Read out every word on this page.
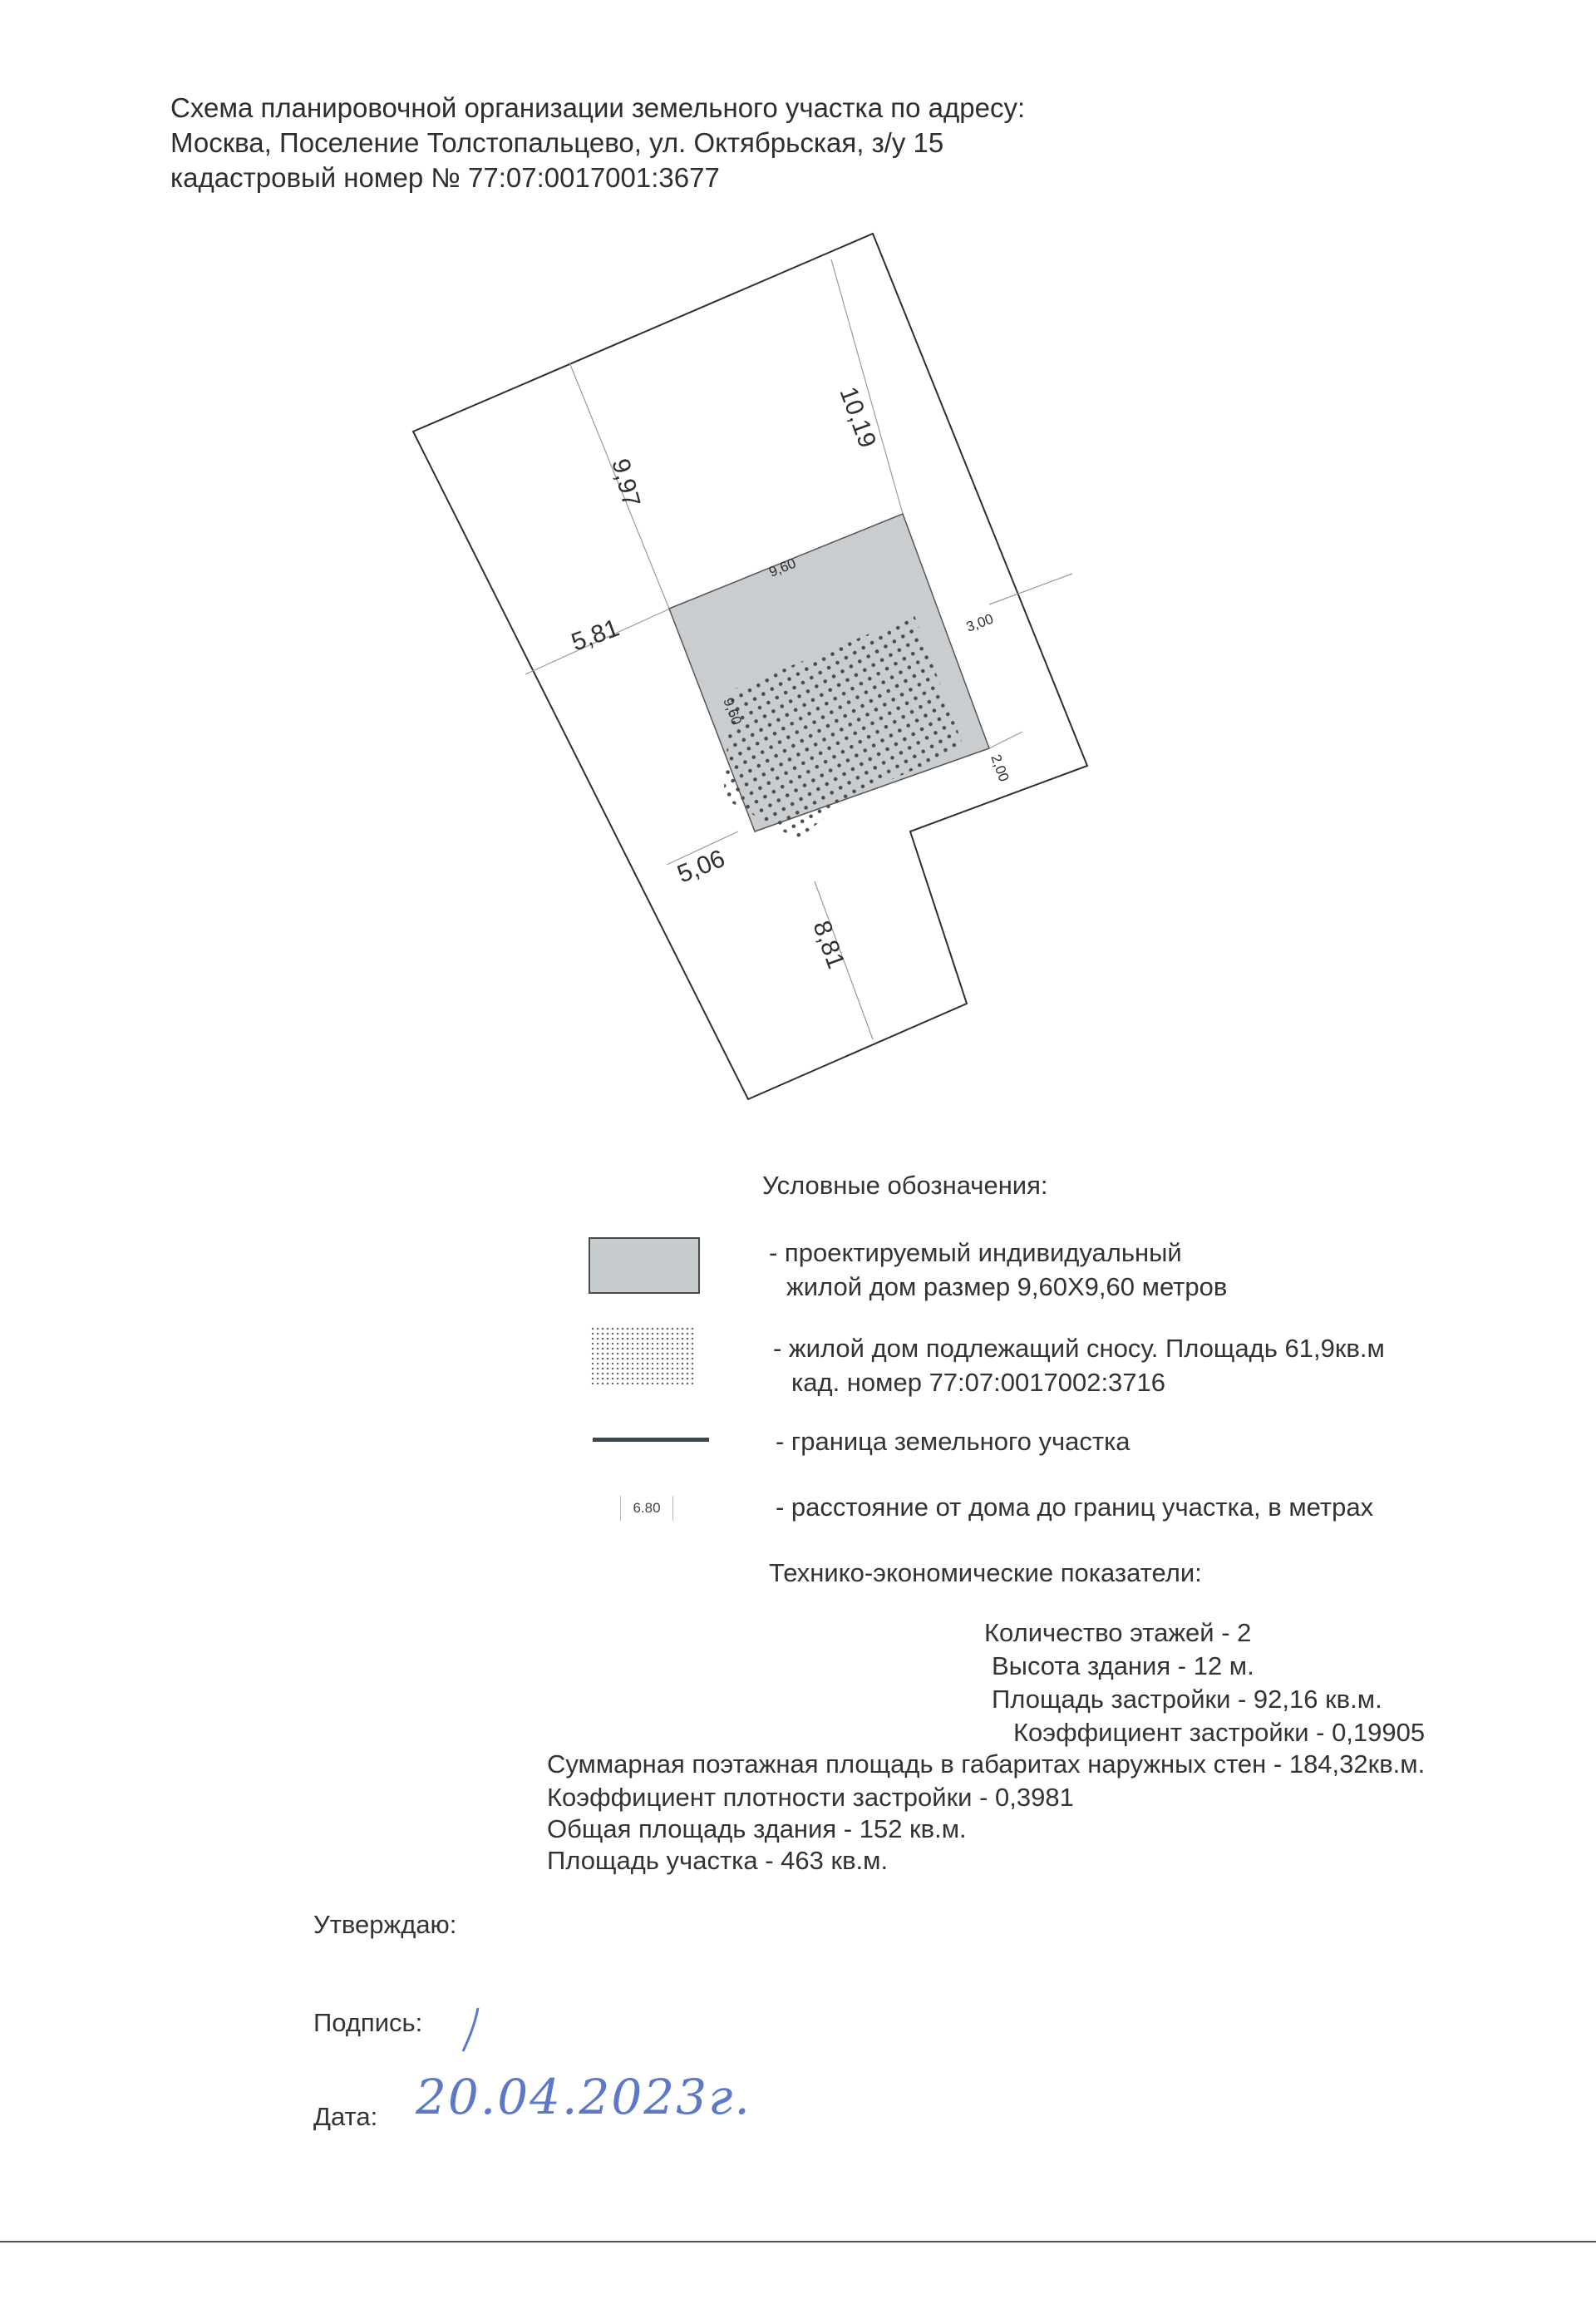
Схема планировочной организации земельного участка по адресу:
Москва, Поселение Толстопальцево, ул. Октябрьская, з/у 15
кадастровый номер № 77:07:0017001:3677
10,19
9,97
5,81
9,60
9,60
3,00
2,00
5,06
8,81
Условные обозначения:
- проектируемый индивидуальный
жилой дом размер 9,60Х9,60 метров
- жилой дом подлежащий сносу. Площадь 61,9кв.м
кад. номер 77:07:0017002:3716
- граница земельного участка
6.80	- расстояние от дома до границ участка, в метрах
Технико-экономические показатели:
Количество этажей - 2
Высота здания - 12 м.
Площадь застройки - 92,16 кв.м.
Коэффициент застройки - 0,19905
Суммарная поэтажная площадь в габаритах наружных стен - 184,32кв.м.
Коэффициент плотности застройки - 0,3981
Общая площадь здания - 152 кв.м.
Площадь участка - 463 кв.м.
Утверждаю:
Подпись:
Дата: 20.04.2023г.
